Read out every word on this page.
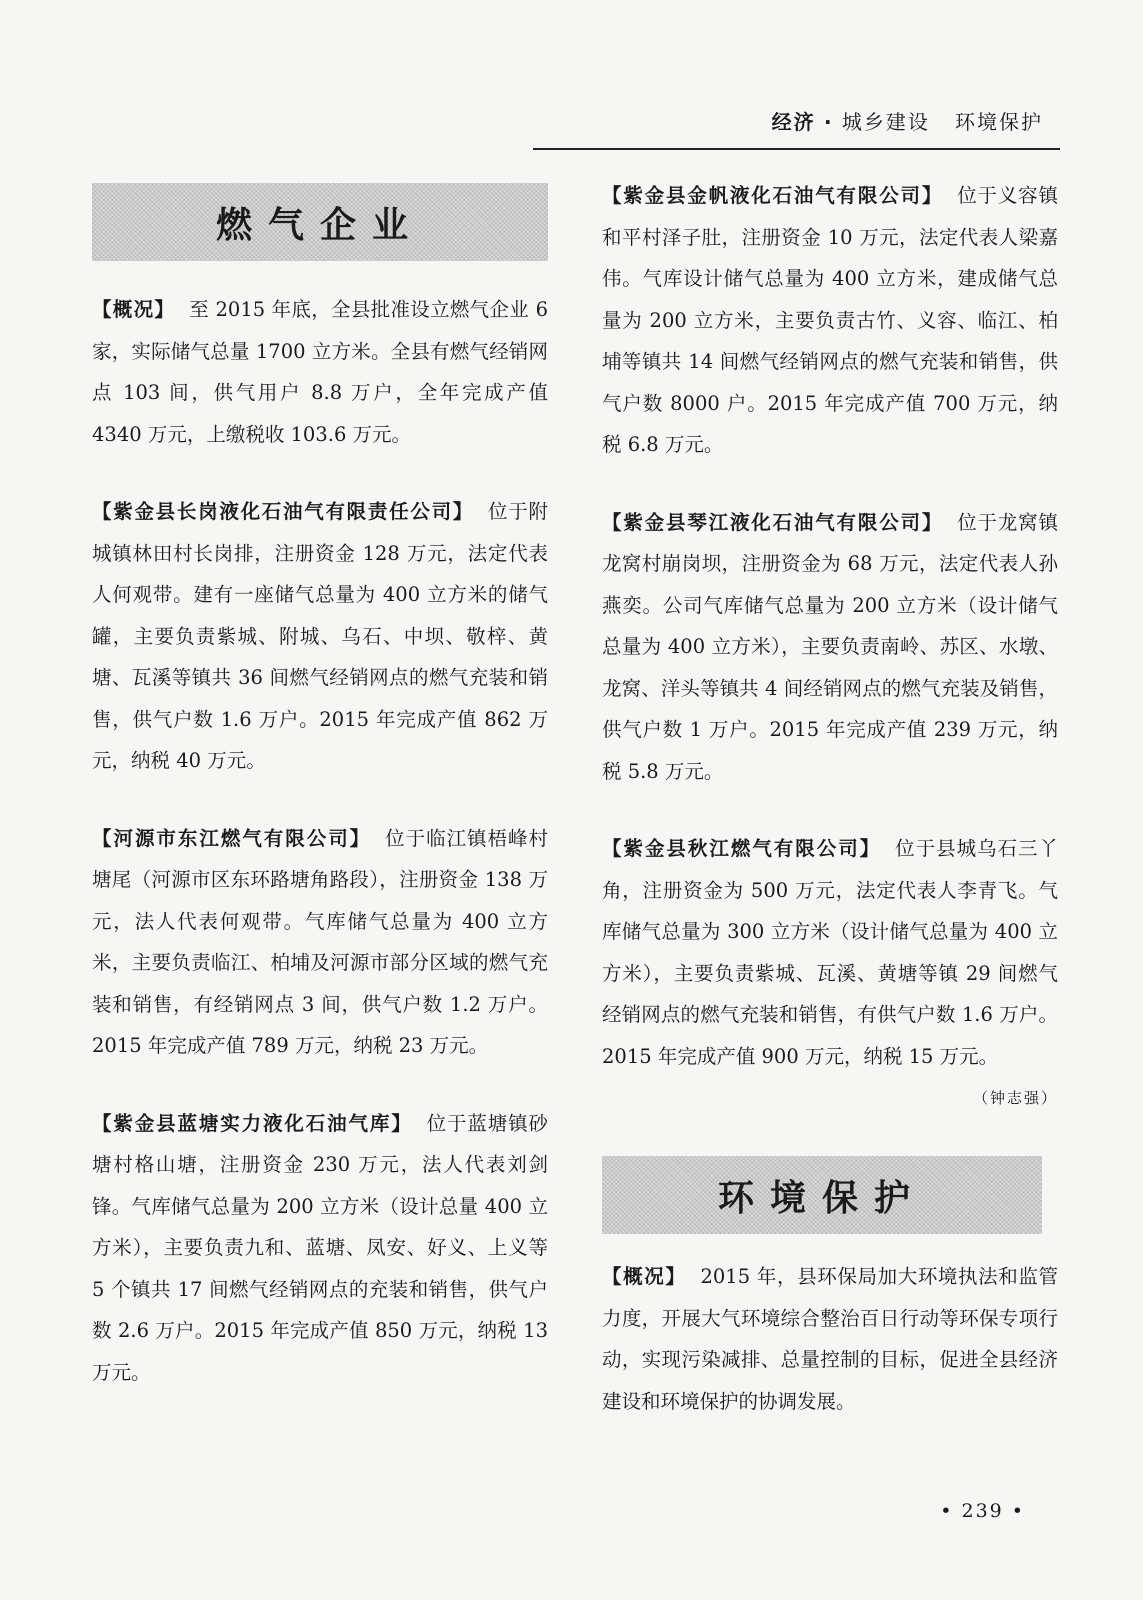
经济 · 城乡建设 环境保护
燃气企业

【概况】 至 2015 年底，全县批准设立燃气企业 6 家，实际储气总量 1700 立方米。全县有燃气经销网点 103 间，供气用户 8.8 万户，全年完成产值 4340 万元，上缴税收 103.6 万元。

【紫金县长岗液化石油气有限责任公司】 位于附城镇林田村长岗排，注册资金 128 万元，法定代表人何观带。建有一座储气总量为 400 立方米的储气罐，主要负责紫城、附城、乌石、中坝、敬梓、黄塘、瓦溪等镇共 36 间燃气经销网点的燃气充装和销售，供气户数 1.6 万户。2015 年完成产值 862 万元，纳税 40 万元。

【河源市东江燃气有限公司】 位于临江镇梧峰村塘尾（河源市区东环路塘角路段），注册资金 138 万元，法人代表何观带。气库储气总量为 400 立方米，主要负责临江、柏埔及河源市部分区域的燃气充装和销售，有经销网点 3 间，供气户数 1.2 万户。2015 年完成产值 789 万元，纳税 23 万元。

【紫金县蓝塘实力液化石油气库】 位于蓝塘镇砂塘村格山塘，注册资金 230 万元，法人代表刘剑锋。气库储气总量为 200 立方米（设计总量 400 立方米），主要负责九和、蓝塘、凤安、好义、上义等 5 个镇共 17 间燃气经销网点的充装和销售，供气户数 2.6 万户。2015 年完成产值 850 万元，纳税 13 万元。

【紫金县金帆液化石油气有限公司】 位于义容镇和平村泽子肚，注册资金 10 万元，法定代表人梁嘉伟。气库设计储气总量为 400 立方米，建成储气总量为 200 立方米，主要负责古竹、义容、临江、柏埔等镇共 14 间燃气经销网点的燃气充装和销售，供气户数 8000 户。2015 年完成产值 700 万元，纳税 6.8 万元。

【紫金县琴江液化石油气有限公司】 位于龙窝镇龙窝村崩岗坝，注册资金为 68 万元，法定代表人孙燕奕。公司气库储气总量为 200 立方米（设计储气总量为 400 立方米），主要负责南岭、苏区、水墩、龙窝、洋头等镇共 4 间经销网点的燃气充装及销售，供气户数 1 万户。2015 年完成产值 239 万元，纳税 5.8 万元。

【紫金县秋江燃气有限公司】 位于县城乌石三丫角，注册资金为 500 万元，法定代表人李青飞。气库储气总量为 300 立方米（设计储气总量为 400 立方米），主要负责紫城、瓦溪、黄塘等镇 29 间燃气经销网点的燃气充装和销售，有供气户数 1.6 万户。2015 年完成产值 900 万元，纳税 15 万元。

（钟志强）
环境保护

【概况】 2015 年，县环保局加大环境执法和监管力度，开展大气环境综合整治百日行动等环保专项行动，实现污染减排、总量控制的目标，促进全县经济建设和环境保护的协调发展。

• 239 •
